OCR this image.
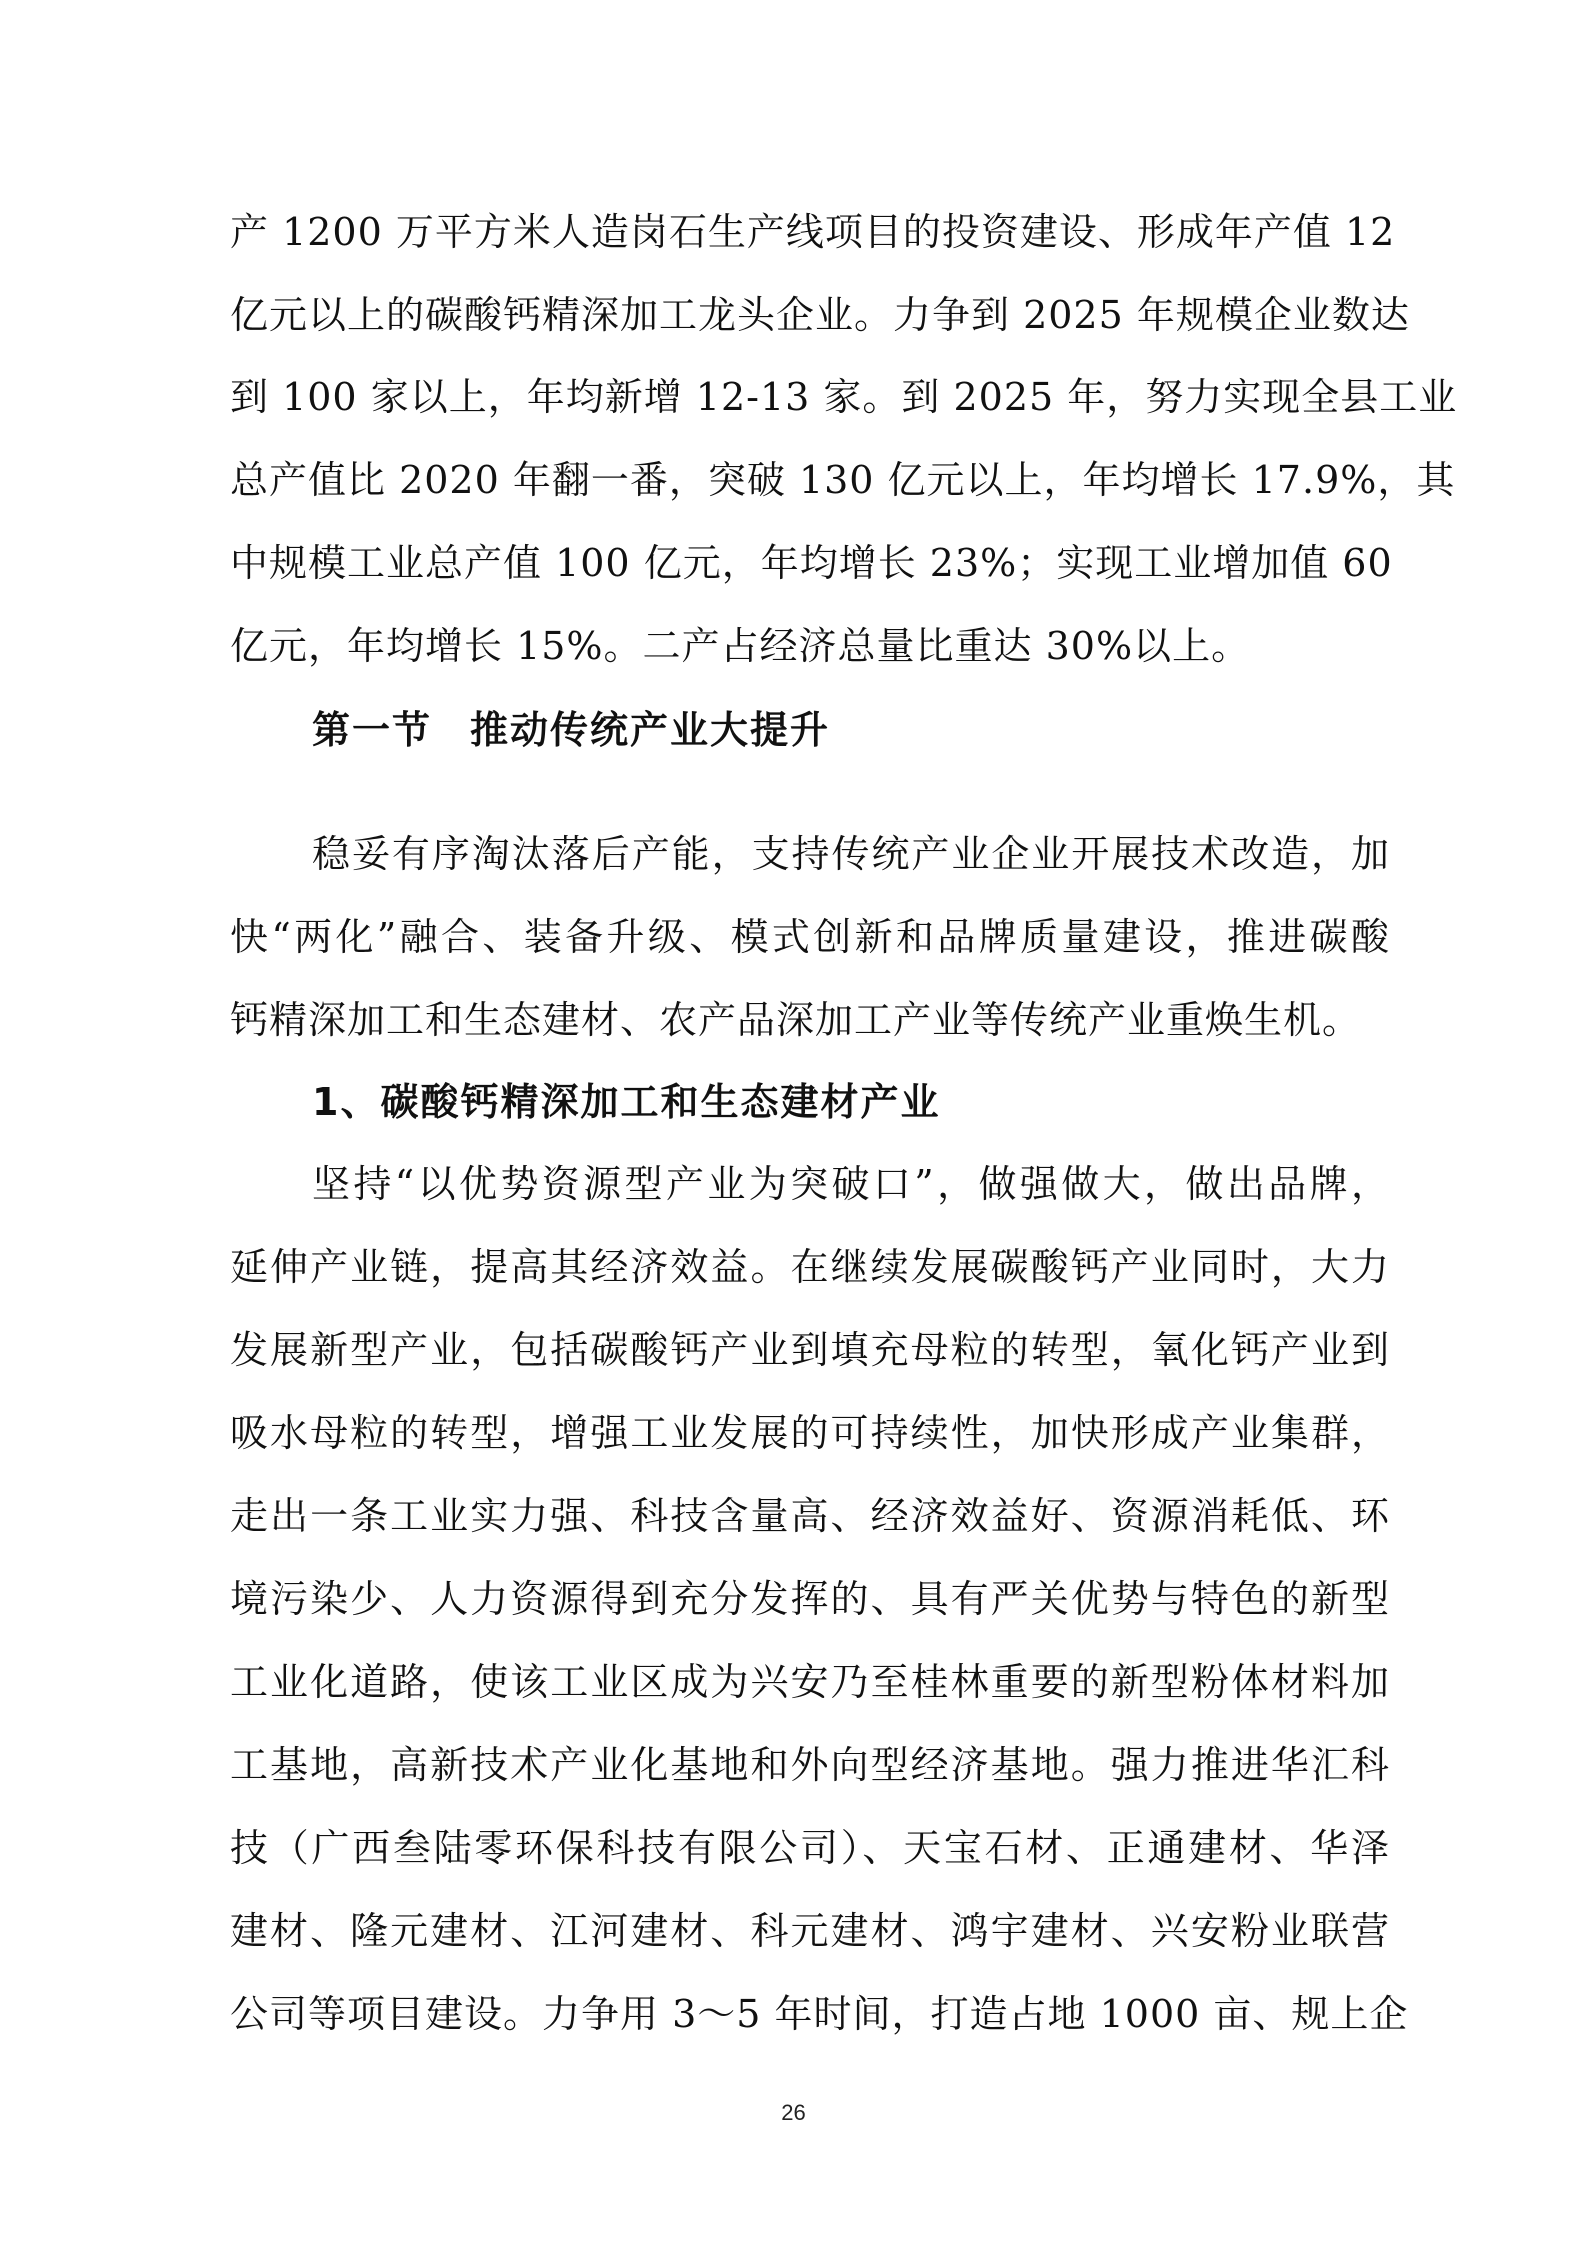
产 1200 万平方米人造岗石生产线项目的投资建设、形成年产值 12
亿元以上的碳酸钙精深加工龙头企业。力争到 2025 年规模企业数达
到 100 家以上，年均新增 12-13 家。到 2025 年，努力实现全县工业
总产值比 2020 年翻一番，突破 130 亿元以上，年均增长 17.9%，其
中规模工业总产值 100 亿元，年均增长 23%；实现工业增加值 60
亿元，年均增长 15%。二产占经济总量比重达 30%以上。
第一节 推动传统产业大提升
稳妥有序淘汰落后产能，支持传统产业企业开展技术改造，加
快“两化”融合、装备升级、模式创新和品牌质量建设，推进碳酸
钙精深加工和生态建材、农产品深加工产业等传统产业重焕生机。
1、碳酸钙精深加工和生态建材产业
坚持“以优势资源型产业为突破口”，做强做大，做出品牌，
延伸产业链，提高其经济效益。在继续发展碳酸钙产业同时，大力
发展新型产业，包括碳酸钙产业到填充母粒的转型，氧化钙产业到
吸水母粒的转型，增强工业发展的可持续性，加快形成产业集群，
走出一条工业实力强、科技含量高、经济效益好、资源消耗低、环
境污染少、人力资源得到充分发挥的、具有严关优势与特色的新型
工业化道路，使该工业区成为兴安乃至桂林重要的新型粉体材料加
工基地，高新技术产业化基地和外向型经济基地。强力推进华汇科
技（广西叁陆零环保科技有限公司）、天宝石材、正通建材、华泽
建材、隆元建材、江河建材、科元建材、鸿宇建材、兴安粉业联营
公司等项目建设。力争用 3～5 年时间，打造占地 1000 亩、规上企
26
